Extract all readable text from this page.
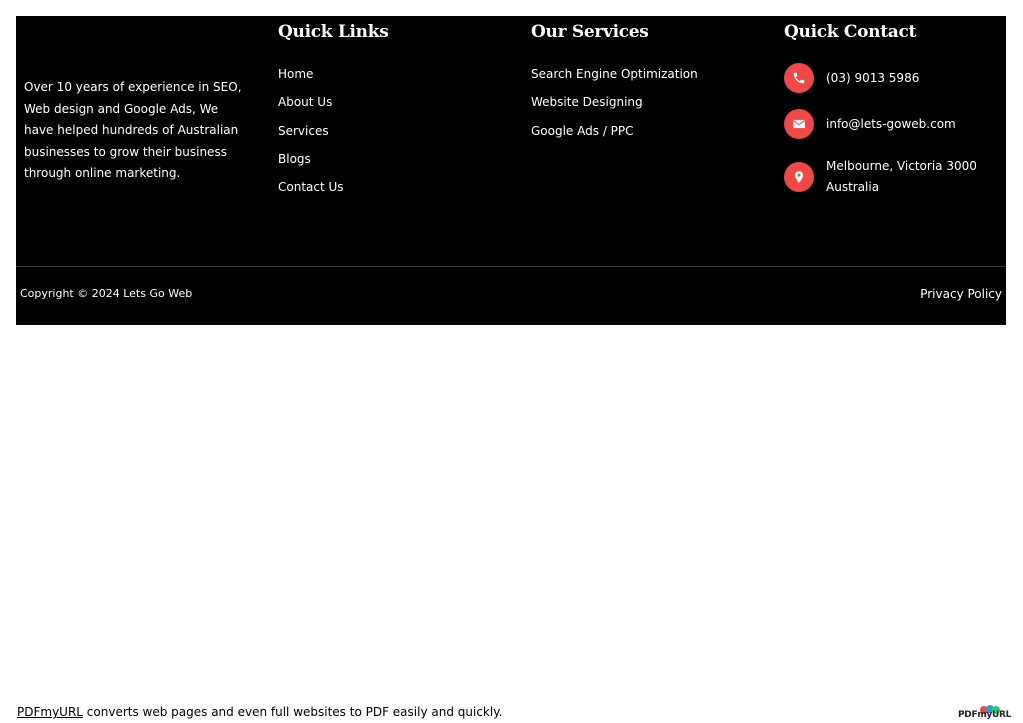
Over 10 years of experience in SEO, Web design and Google Ads, We have helped hundreds of Australian businesses to grow their business through online marketing.
Quick Links
Home
About Us
Services
Blogs
Contact Us
Our Services
Search Engine Optimization
Website Designing
Google Ads / PPC
Quick Contact
(03) 9013 5986
info@lets-goweb.com
Melbourne, Victoria 3000 Australia
Copyright © 2024 Lets Go Web	Privacy Policy
PDFmyURL converts web pages and even full websites to PDF easily and quickly.	PDFmyURL
